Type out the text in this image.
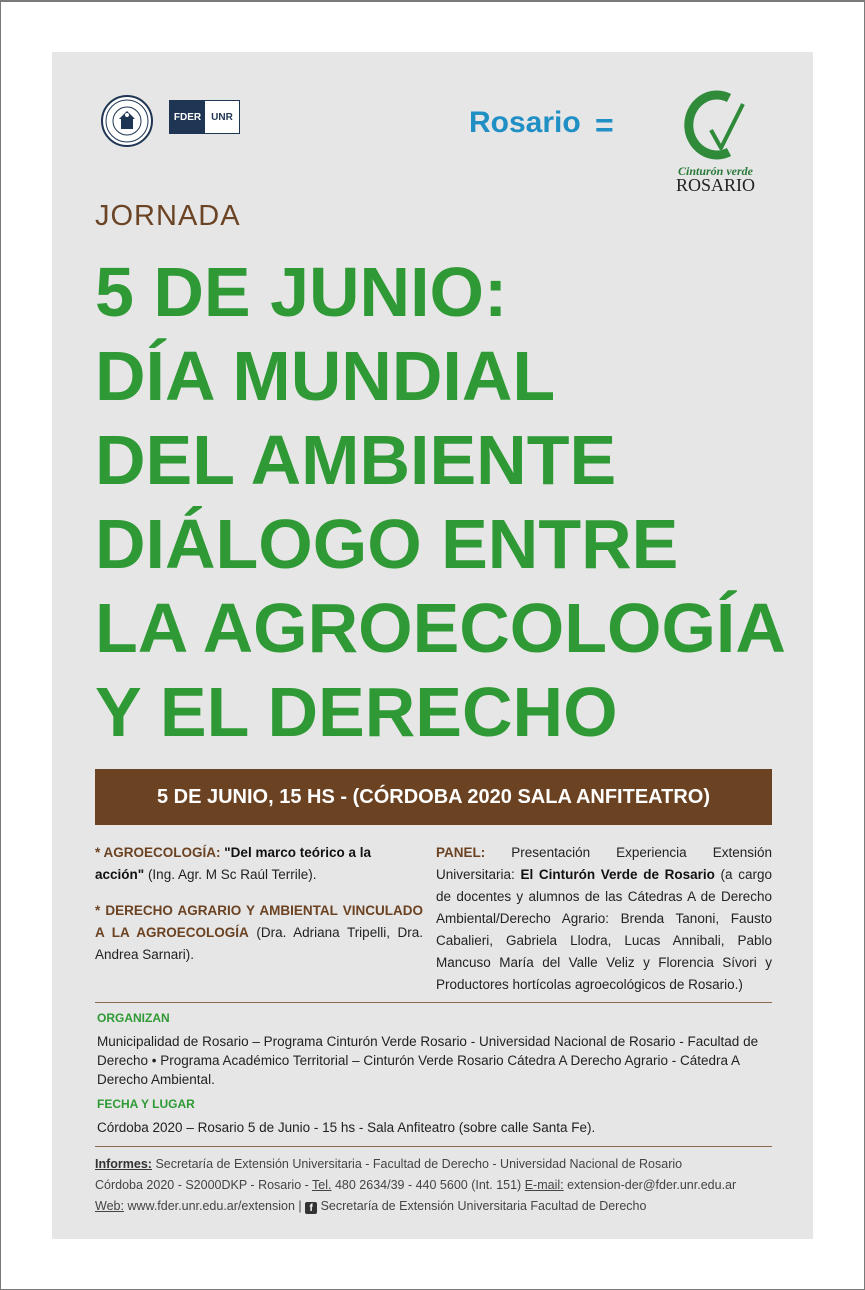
FDER	UNR	Rosario =
Cinturón verde
ROSARIO
JORNADA
5 DE JUNIO:
DÍA MUNDIAL
DEL AMBIENTE
DIÁLOGO ENTRE
LA AGROECOLOGÍA
Y EL DERECHO
5 DE JUNIO, 15 HS - (CÓRDOBA 2020 SALA ANFITEATRO)
* AGROECOLOGÍA: "Del marco teórico a la acción" (Ing. Agr. M Sc Raúl Terrile).
* DERECHO AGRARIO Y AMBIENTAL VINCULADO A LA AGROECOLOGÍA (Dra. Adriana Tripelli, Dra. Andrea Sarnari).
PANEL: Presentación Experiencia Extensión Universitaria: El Cinturón Verde de Rosario (a cargo de docentes y alumnos de las Cátedras A de Derecho Ambiental/Derecho Agrario: Brenda Tanoni, Fausto Cabalieri, Gabriela Llodra, Lucas Annibali, Pablo Mancuso María del Valle Veliz y Florencia Sívori y Productores hortícolas agroecológicos de Rosario.)
ORGANIZAN
Municipalidad de Rosario – Programa Cinturón Verde Rosario - Universidad Nacional de Rosario - Facultad de Derecho • Programa Académico Territorial – Cinturón Verde Rosario Cátedra A Derecho Agrario - Cátedra A Derecho Ambiental.
FECHA Y LUGAR
Córdoba 2020 – Rosario 5 de Junio - 15 hs - Sala Anfiteatro (sobre calle Santa Fe).
Informes: Secretaría de Extensión Universitaria - Facultad de Derecho - Universidad Nacional de Rosario
Córdoba 2020 - S2000DKP - Rosario - Tel. 480 2634/39 - 440 5600 (Int. 151) E-mail: extension-der@fder.unr.edu.ar
Web: www.fder.unr.edu.ar/extension | f Secretaría de Extensión Universitaria Facultad de Derecho
